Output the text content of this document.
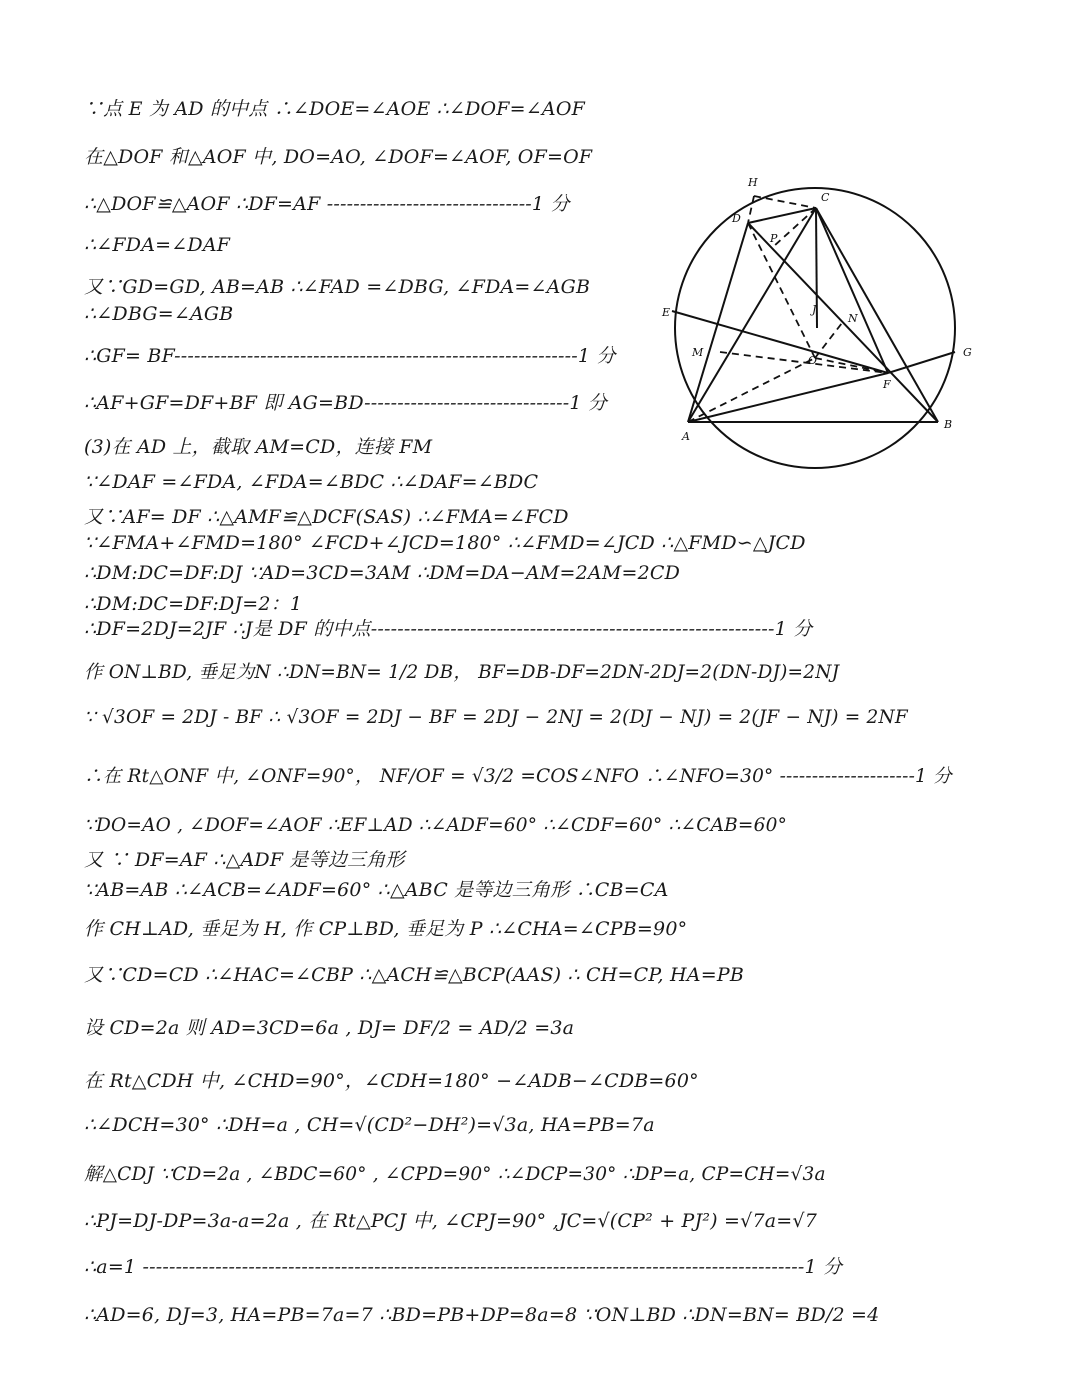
∵点 E 为 AD 的中点 ∴∠DOE=∠AOE ∴∠DOF=∠AOF
在△DOF 和△AOF 中, DO=AO, ∠DOF=∠AOF, OF=OF
∴△DOF≌△AOF ∴DF=AF -------------------------------1 分
∴∠FDA=∠DAF
又∵GD=GD, AB=AB ∴∠FAD =∠DBG, ∠FDA=∠AGB
∴∠DBG=∠AGB
∴GF= BF-------------------------------------------------------------1 分
∴AF+GF=DF+BF 即 AG=BD-------------------------------1 分
(3)在 AD 上，截取 AM=CD，连接 FM
∵∠DAF =∠FDA, ∠FDA=∠BDC ∴∠DAF=∠BDC
又∵AF= DF ∴△AMF≌△DCF(SAS) ∴∠FMA=∠FCD
∵∠FMA+∠FMD=180° ∠FCD+∠JCD=180° ∴∠FMD=∠JCD ∴△FMD∽△JCD
∴DM:DC=DF:DJ ∵AD=3CD=3AM ∴DM=DA−AM=2AM=2CD
∴DM:DC=DF:DJ=2：1
∴DF=2DJ=2JF ∴J是 DF 的中点-------------------------------------------------------------1 分
作 ON⊥BD, 垂足为N ∴DN=BN= 1/2 DB， BF=DB-DF=2DN-2DJ=2(DN-DJ)=2NJ
∵ √3OF = 2DJ - BF ∴ √3OF = 2DJ − BF = 2DJ − 2NJ = 2(DJ − NJ) = 2(JF − NJ) = 2NF
∴在 Rt△ONF 中, ∠ONF=90°， NF/OF = √3/2 =COS∠NFO ∴∠NFO=30° ---------------------1 分
∵DO=AO , ∠DOF=∠AOF ∴EF⊥AD ∴∠ADF=60° ∴∠CDF=60° ∴∠CAB=60°
又 ∵ DF=AF ∴△ADF 是等边三角形
∵AB=AB ∴∠ACB=∠ADF=60° ∴△ABC 是等边三角形 ∴CB=CA
作 CH⊥AD, 垂足为 H, 作 CP⊥BD, 垂足为 P ∴∠CHA=∠CPB=90°
又∵CD=CD ∴∠HAC=∠CBP ∴△ACH≌△BCP(AAS) ∴ CH=CP, HA=PB
设 CD=2a 则 AD=3CD=6a , DJ= DF/2 = AD/2 =3a
在 Rt△CDH 中, ∠CHD=90°，∠CDH=180° −∠ADB−∠CDB=60°
∴∠DCH=30° ∴DH=a , CH=√(CD²−DH²)=√3a, HA=PB=7a
解△CDJ ∵CD=2a , ∠BDC=60° , ∠CPD=90° ∴∠DCP=30° ∴DP=a, CP=CH=√3a
∴PJ=DJ-DP=3a-a=2a , 在 Rt△PCJ 中, ∠CPJ=90° ,JC=√(CP² + PJ²) =√7a=√7
∴a=1 ----------------------------------------------------------------------------------------------------1 分
∴AD=6, DJ=3, HA=PB=7a=7 ∴BD=PB+DP=8a=8 ∵ON⊥BD ∴DN=BN= BD/2 =4
H
C
D
P
E	J
N
M
O
G
F
A
B
